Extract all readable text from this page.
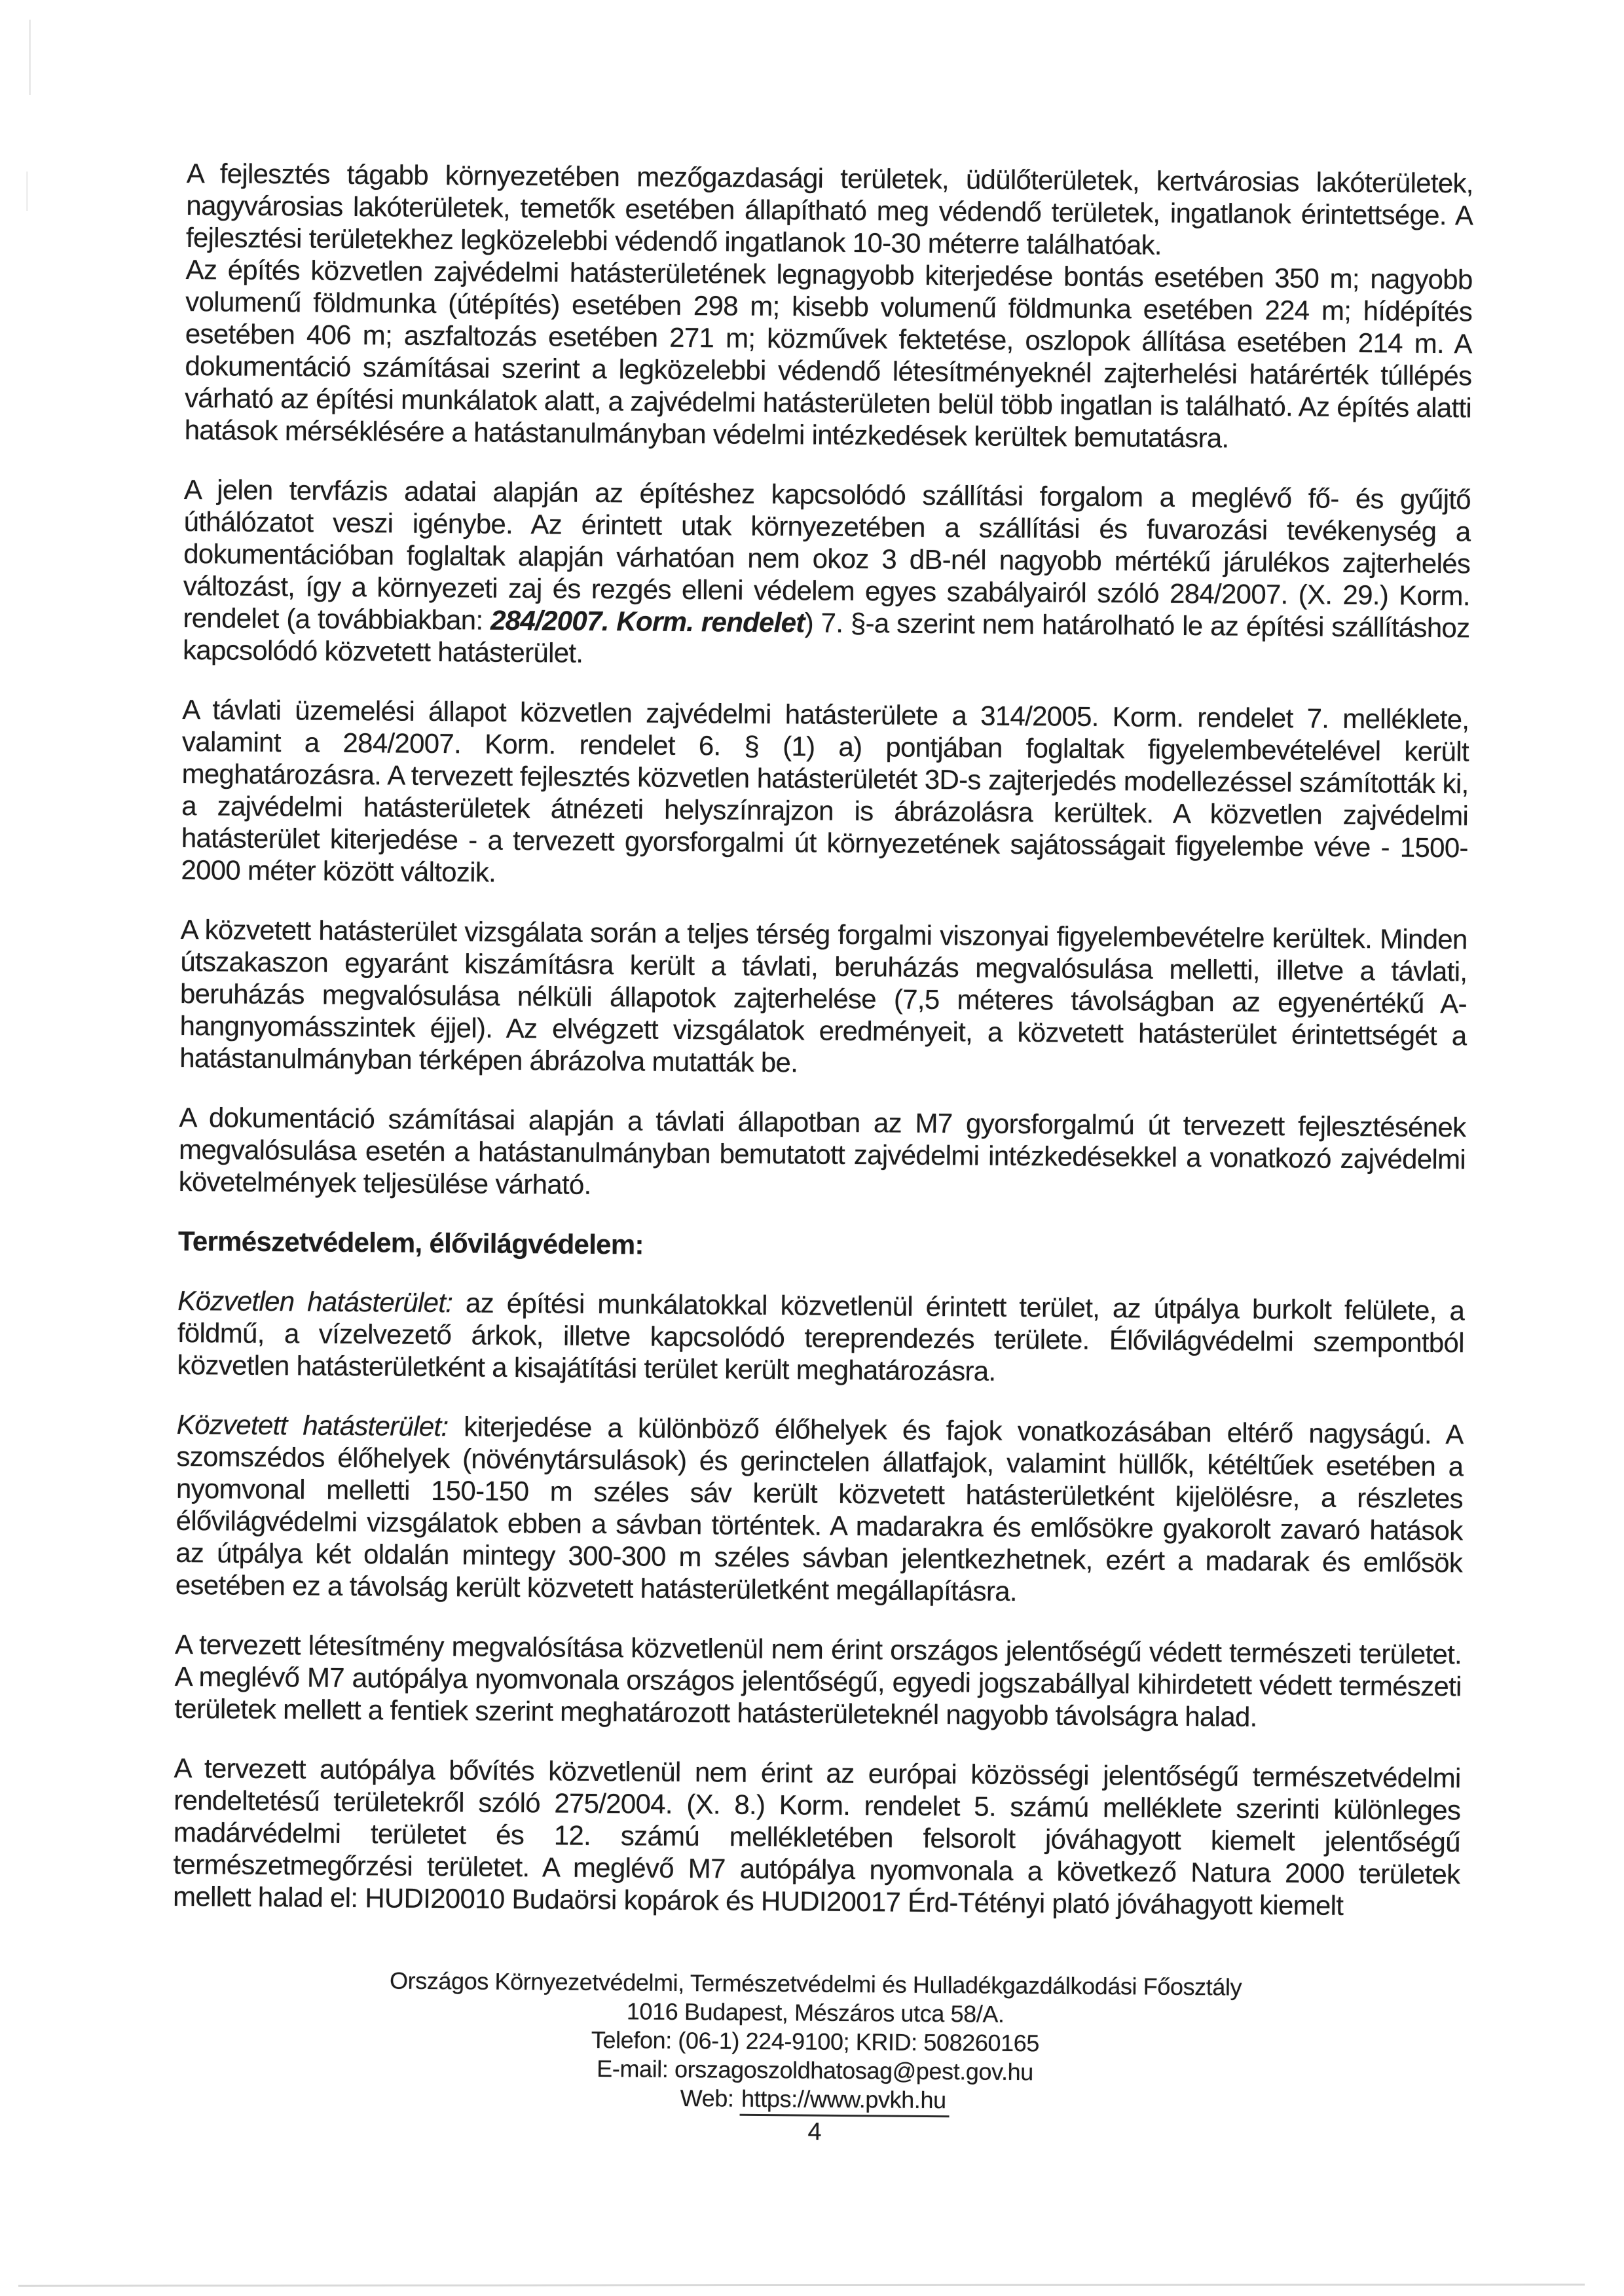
A fejlesztés tágabb környezetében mezőgazdasági területek, üdülőterületek, kertvárosias lakóterületek, nagyvárosias lakóterületek, temetők esetében állapítható meg védendő területek, ingatlanok érintettsége. A fejlesztési területekhez legközelebbi védendő ingatlanok 10-30 méterre találhatóak.

Az építés közvetlen zajvédelmi hatásterületének legnagyobb kiterjedése bontás esetében 350 m; nagyobb volumenű földmunka (útépítés) esetében 298 m; kisebb volumenű földmunka esetében 224 m; hídépítés esetében 406 m; aszfaltozás esetében 271 m; közművek fektetése, oszlopok állítása esetében 214 m. A dokumentáció számításai szerint a legközelebbi védendő létesítményeknél zajterhelési határérték túllépés várható az építési munkálatok alatt, a zajvédelmi hatásterületen belül több ingatlan is található. Az építés alatti hatások mérséklésére a hatástanulmányban védelmi intézkedések kerültek bemutatásra.

A jelen tervfázis adatai alapján az építéshez kapcsolódó szállítási forgalom a meglévő fő- és gyűjtő úthálózatot veszi igénybe. Az érintett utak környezetében a szállítási és fuvarozási tevékenység a dokumentációban foglaltak alapján várhatóan nem okoz 3 dB-nél nagyobb mértékű járulékos zajterhelés változást, így a környezeti zaj és rezgés elleni védelem egyes szabályairól szóló 284/2007. (X. 29.) Korm. rendelet (a továbbiakban: 284/2007. Korm. rendelet) 7. §-a szerint nem határolható le az építési szállításhoz kapcsolódó közvetett hatásterület.

A távlati üzemelési állapot közvetlen zajvédelmi hatásterülete a 314/2005. Korm. rendelet 7. melléklete, valamint a 284/2007. Korm. rendelet 6. § (1) a) pontjában foglaltak figyelembevételével került meghatározásra. A tervezett fejlesztés közvetlen hatásterületét 3D-s zajterjedés modellezéssel számították ki, a zajvédelmi hatásterületek átnézeti helyszínrajzon is ábrázolásra kerültek. A közvetlen zajvédelmi hatásterület kiterjedése - a tervezett gyorsforgalmi út környezetének sajátosságait figyelembe véve - 1500-2000 méter között változik.

A közvetett hatásterület vizsgálata során a teljes térség forgalmi viszonyai figyelembevételre kerültek. Minden útszakaszon egyaránt kiszámításra került a távlati, beruházás megvalósulása melletti, illetve a távlati, beruházás megvalósulása nélküli állapotok zajterhelése (7,5 méteres távolságban az egyenértékű A-hangnyomásszintek éjjel). Az elvégzett vizsgálatok eredményeit, a közvetett hatásterület érintettségét a hatástanulmányban térképen ábrázolva mutatták be.

A dokumentáció számításai alapján a távlati állapotban az M7 gyorsforgalmú út tervezett fejlesztésének megvalósulása esetén a hatástanulmányban bemutatott zajvédelmi intézkedésekkel a vonatkozó zajvédelmi követelmények teljesülése várható.

Természetvédelem, élővilágvédelem:

Közvetlen hatásterület: az építési munkálatokkal közvetlenül érintett terület, az útpálya burkolt felülete, a földmű, a vízelvezető árkok, illetve kapcsolódó tereprendezés területe. Élővilágvédelmi szempontból közvetlen hatásterületként a kisajátítási terület került meghatározásra.

Közvetett hatásterület: kiterjedése a különböző élőhelyek és fajok vonatkozásában eltérő nagyságú. A szomszédos élőhelyek (növénytársulások) és gerinctelen állatfajok, valamint hüllők, kétéltűek esetében a nyomvonal melletti 150-150 m széles sáv került közvetett hatásterületként kijelölésre, a részletes élővilágvédelmi vizsgálatok ebben a sávban történtek. A madarakra és emlősökre gyakorolt zavaró hatások az útpálya két oldalán mintegy 300-300 m széles sávban jelentkezhetnek, ezért a madarak és emlősök esetében ez a távolság került közvetett hatásterületként megállapításra.

A tervezett létesítmény megvalósítása közvetlenül nem érint országos jelentőségű védett természeti területet. A meglévő M7 autópálya nyomvonala országos jelentőségű, egyedi jogszabállyal kihirdetett védett természeti területek mellett a fentiek szerint meghatározott hatásterületeknél nagyobb távolságra halad.

A tervezett autópálya bővítés közvetlenül nem érint az európai közösségi jelentőségű természetvédelmi rendeltetésű területekről szóló 275/2004. (X. 8.) Korm. rendelet 5. számú melléklete szerinti különleges madárvédelmi területet és 12. számú mellékletében felsorolt jóváhagyott kiemelt jelentőségű természetmegőrzési területet. A meglévő M7 autópálya nyomvonala a következő Natura 2000 területek mellett halad el: HUDI20010 Budaörsi kopárok és HUDI20017 Érd-Tétényi plató jóváhagyott kiemelt

Országos Környezetvédelmi, Természetvédelmi és Hulladékgazdálkodási Főosztály

1016 Budapest, Mészáros utca 58/A.

Telefon: (06-1) 224-9100; KRID: 508260165

E-mail: orszagoszoldhatosag@pest.gov.hu

Web: https://www.pvkh.hu

4
